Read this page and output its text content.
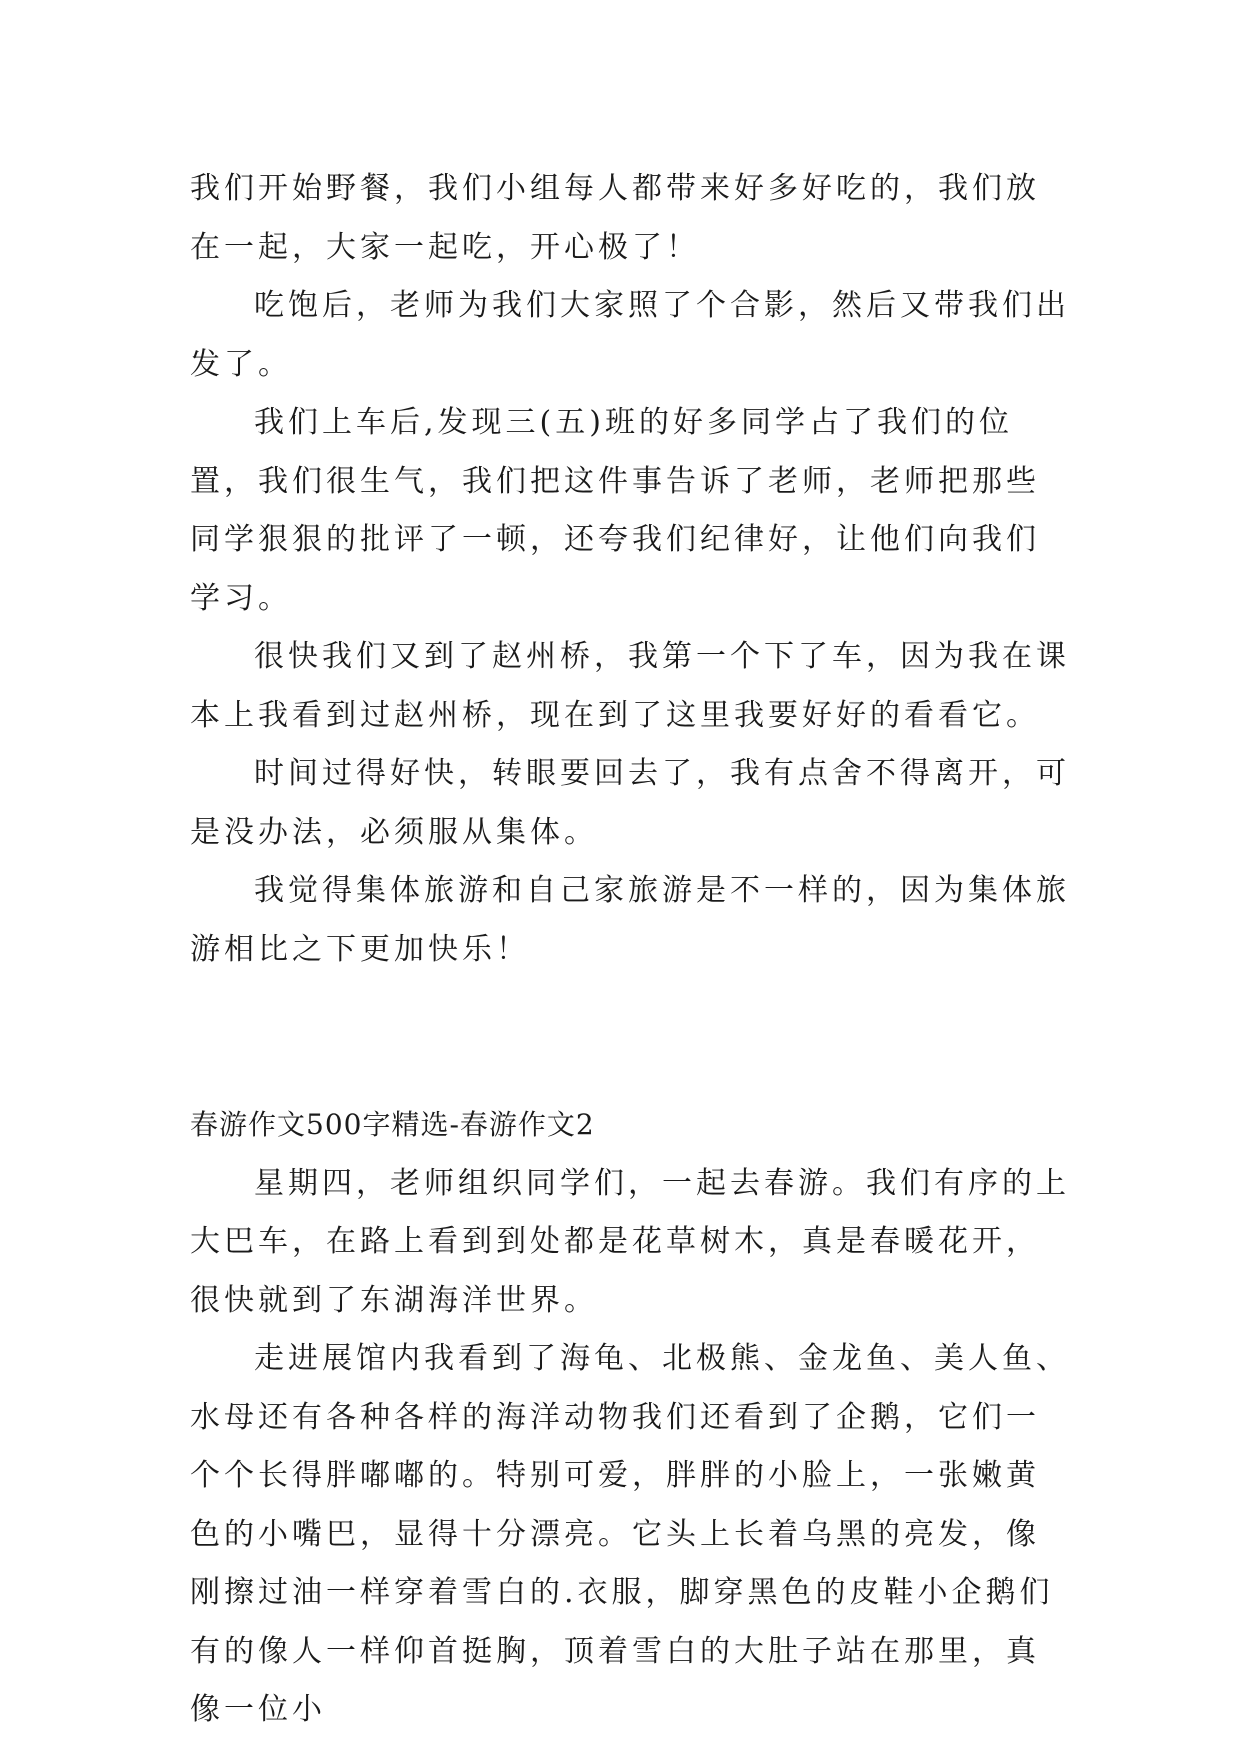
我们开始野餐，我们小组每人都带来好多好吃的，我们放在一起，大家一起吃，开心极了！

吃饱后，老师为我们大家照了个合影，然后又带我们出发了。

我们上车后,发现三(五)班的好多同学占了我们的位置，我们很生气，我们把这件事告诉了老师，老师把那些同学狠狠的批评了一顿，还夸我们纪律好，让他们向我们学习。

很快我们又到了赵州桥，我第一个下了车，因为我在课本上我看到过赵州桥，现在到了这里我要好好的看看它。

时间过得好快，转眼要回去了，我有点舍不得离开，可是没办法，必须服从集体。

我觉得集体旅游和自己家旅游是不一样的，因为集体旅游相比之下更加快乐！

春游作文500字精选-春游作文2

星期四，老师组织同学们，一起去春游。我们有序的上大巴车，在路上看到到处都是花草树木，真是春暖花开，很快就到了东湖海洋世界。

走进展馆内我看到了海龟、北极熊、金龙鱼、美人鱼、水母还有各种各样的海洋动物我们还看到了企鹅，它们一个个长得胖嘟嘟的。特别可爱，胖胖的小脸上，一张嫩黄色的小嘴巴，显得十分漂亮。它头上长着乌黑的亮发，像刚擦过油一样穿着雪白的.衣服，脚穿黑色的皮鞋小企鹅们有的像人一样仰首挺胸，顶着雪白的大肚子站在那里，真像一位小
